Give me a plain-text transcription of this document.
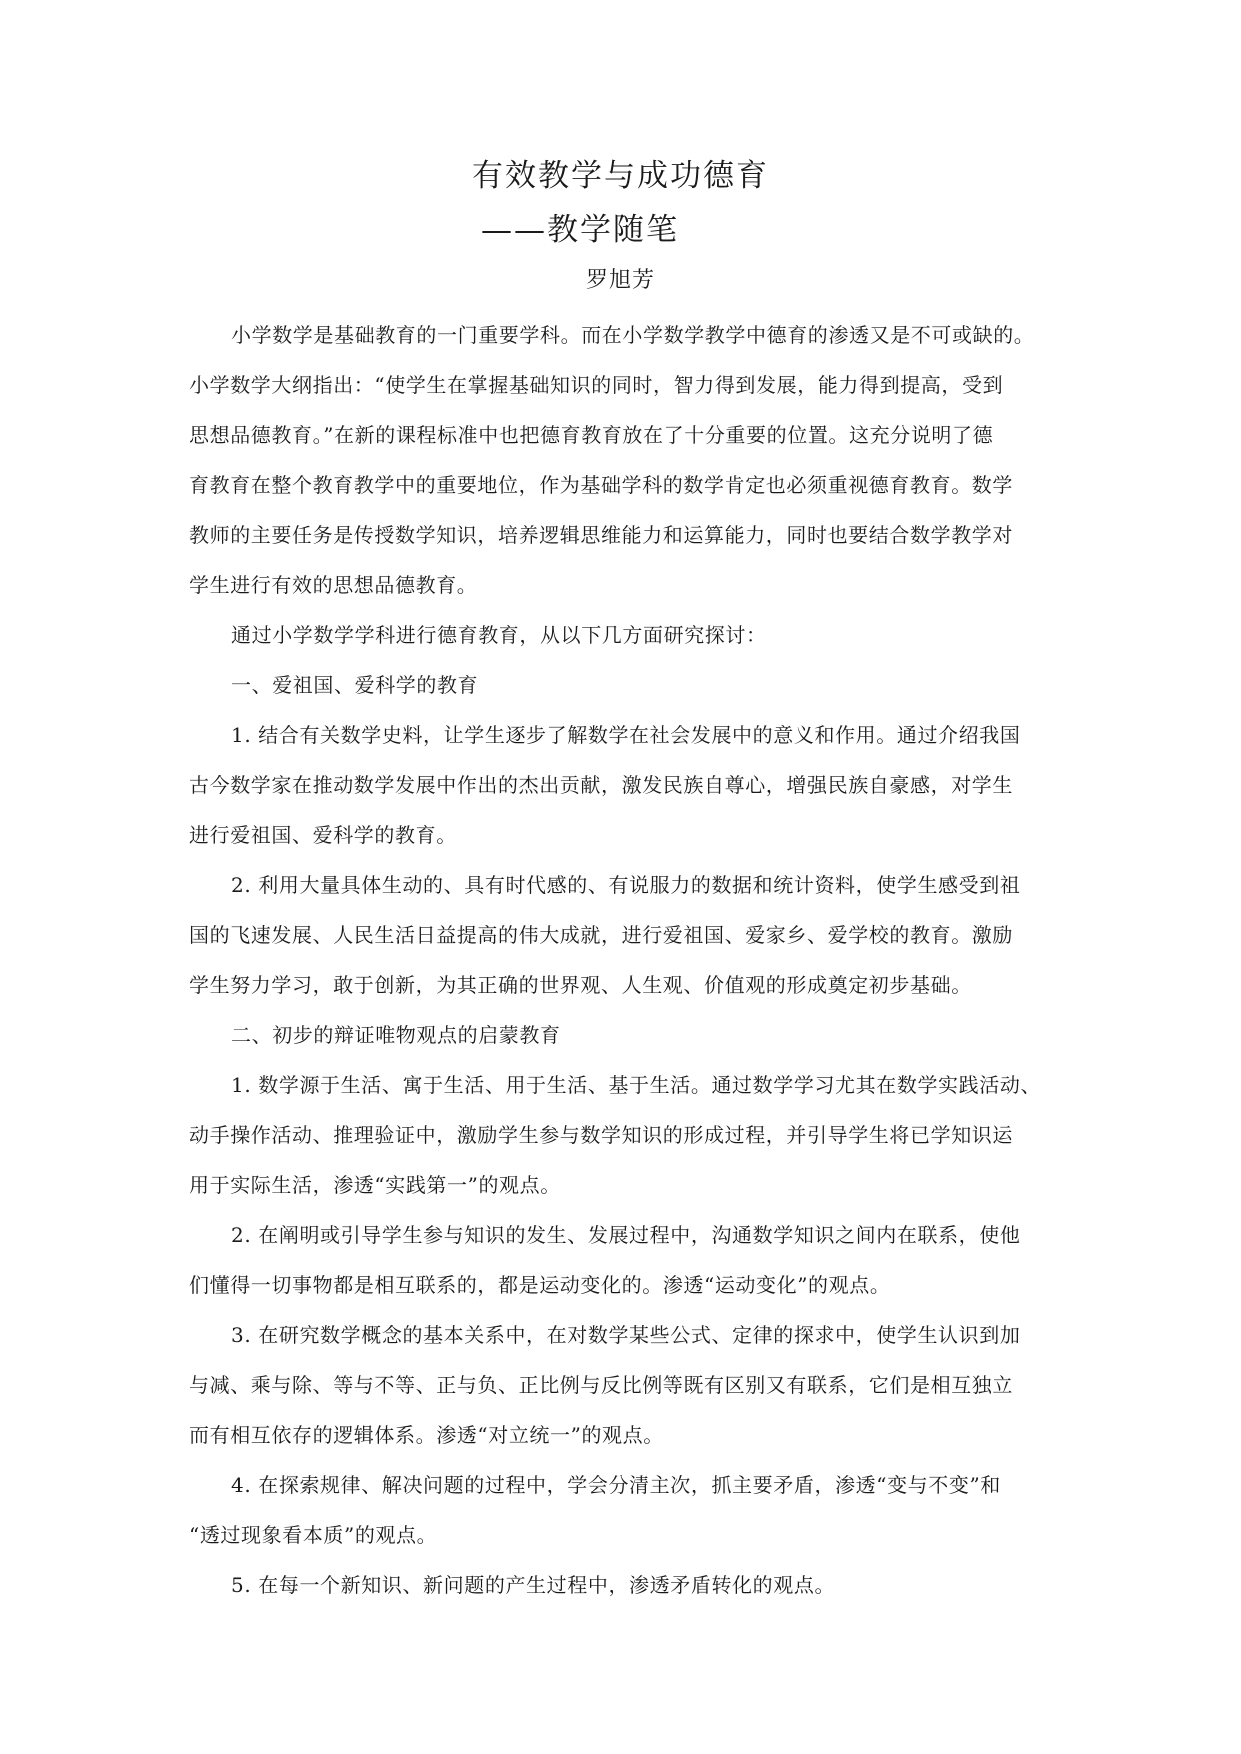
有效教学与成功德育
——教学随笔
罗旭芳
小学数学是基础教育的一门重要学科。而在小学数学教学中德育的渗透又是不可或缺的。
小学数学大纲指出：“使学生在掌握基础知识的同时，智力得到发展，能力得到提高，受到
思想品德教育。”在新的课程标准中也把德育教育放在了十分重要的位置。这充分说明了德
育教育在整个教育教学中的重要地位，作为基础学科的数学肯定也必须重视德育教育。数学
教师的主要任务是传授数学知识，培养逻辑思维能力和运算能力，同时也要结合数学教学对
学生进行有效的思想品德教育。
通过小学数学学科进行德育教育，从以下几方面研究探讨：
一、爱祖国、爱科学的教育
1. 结合有关数学史料，让学生逐步了解数学在社会发展中的意义和作用。通过介绍我国
古今数学家在推动数学发展中作出的杰出贡献，激发民族自尊心，增强民族自豪感，对学生
进行爱祖国、爱科学的教育。
2. 利用大量具体生动的、具有时代感的、有说服力的数据和统计资料，使学生感受到祖
国的飞速发展、人民生活日益提高的伟大成就，进行爱祖国、爱家乡、爱学校的教育。激励
学生努力学习，敢于创新，为其正确的世界观、人生观、价值观的形成奠定初步基础。
二、初步的辩证唯物观点的启蒙教育
1. 数学源于生活、寓于生活、用于生活、基于生活。通过数学学习尤其在数学实践活动、
动手操作活动、推理验证中，激励学生参与数学知识的形成过程，并引导学生将已学知识运
用于实际生活，渗透“实践第一”的观点。
2. 在阐明或引导学生参与知识的发生、发展过程中，沟通数学知识之间内在联系，使他
们懂得一切事物都是相互联系的，都是运动变化的。渗透“运动变化”的观点。
3. 在研究数学概念的基本关系中，在对数学某些公式、定律的探求中，使学生认识到加
与减、乘与除、等与不等、正与负、正比例与反比例等既有区别又有联系，它们是相互独立
而有相互依存的逻辑体系。渗透“对立统一”的观点。
4. 在探索规律、解决问题的过程中，学会分清主次，抓主要矛盾，渗透“变与不变”和
“透过现象看本质”的观点。
5. 在每一个新知识、新问题的产生过程中，渗透矛盾转化的观点。
